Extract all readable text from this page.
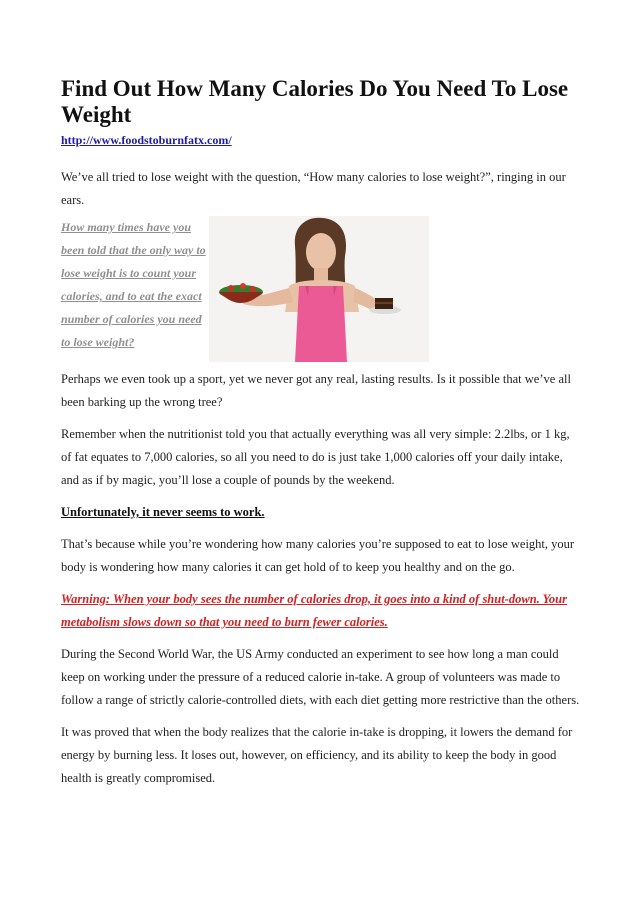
Find Out How Many Calories Do You Need To Lose Weight
http://www.foodstoburnfatx.com/

We’ve all tried to lose weight with the question, “How many calories to lose weight?”, ringing in our ears.

How many times have you been told that the only way to lose weight is to count your calories, and to eat the exact number of calories you need to lose weight?

Perhaps we even took up a sport, yet we never got any real, lasting results. Is it possible that we’ve all been barking up the wrong tree?

Remember when the nutritionist told you that actually everything was all very simple: 2.2lbs, or 1 kg, of fat equates to 7,000 calories, so all you need to do is just take 1,000 calories off your daily intake, and as if by magic, you’ll lose a couple of pounds by the weekend.

Unfortunately, it never seems to work.

That’s because while you’re wondering how many calories you’re supposed to eat to lose weight, your body is wondering how many calories it can get hold of to keep you healthy and on the go.

Warning: When your body sees the number of calories drop, it goes into a kind of shut-down. Your metabolism slows down so that you need to burn fewer calories.

During the Second World War, the US Army conducted an experiment to see how long a man could keep on working under the pressure of a reduced calorie in-take. A group of volunteers was made to follow a range of strictly calorie-controlled diets, with each diet getting more restrictive than the others.

It was proved that when the body realizes that the calorie in-take is dropping, it lowers the demand for energy by burning less. It loses out, however, on efficiency, and its ability to keep the body in good health is greatly compromised.
